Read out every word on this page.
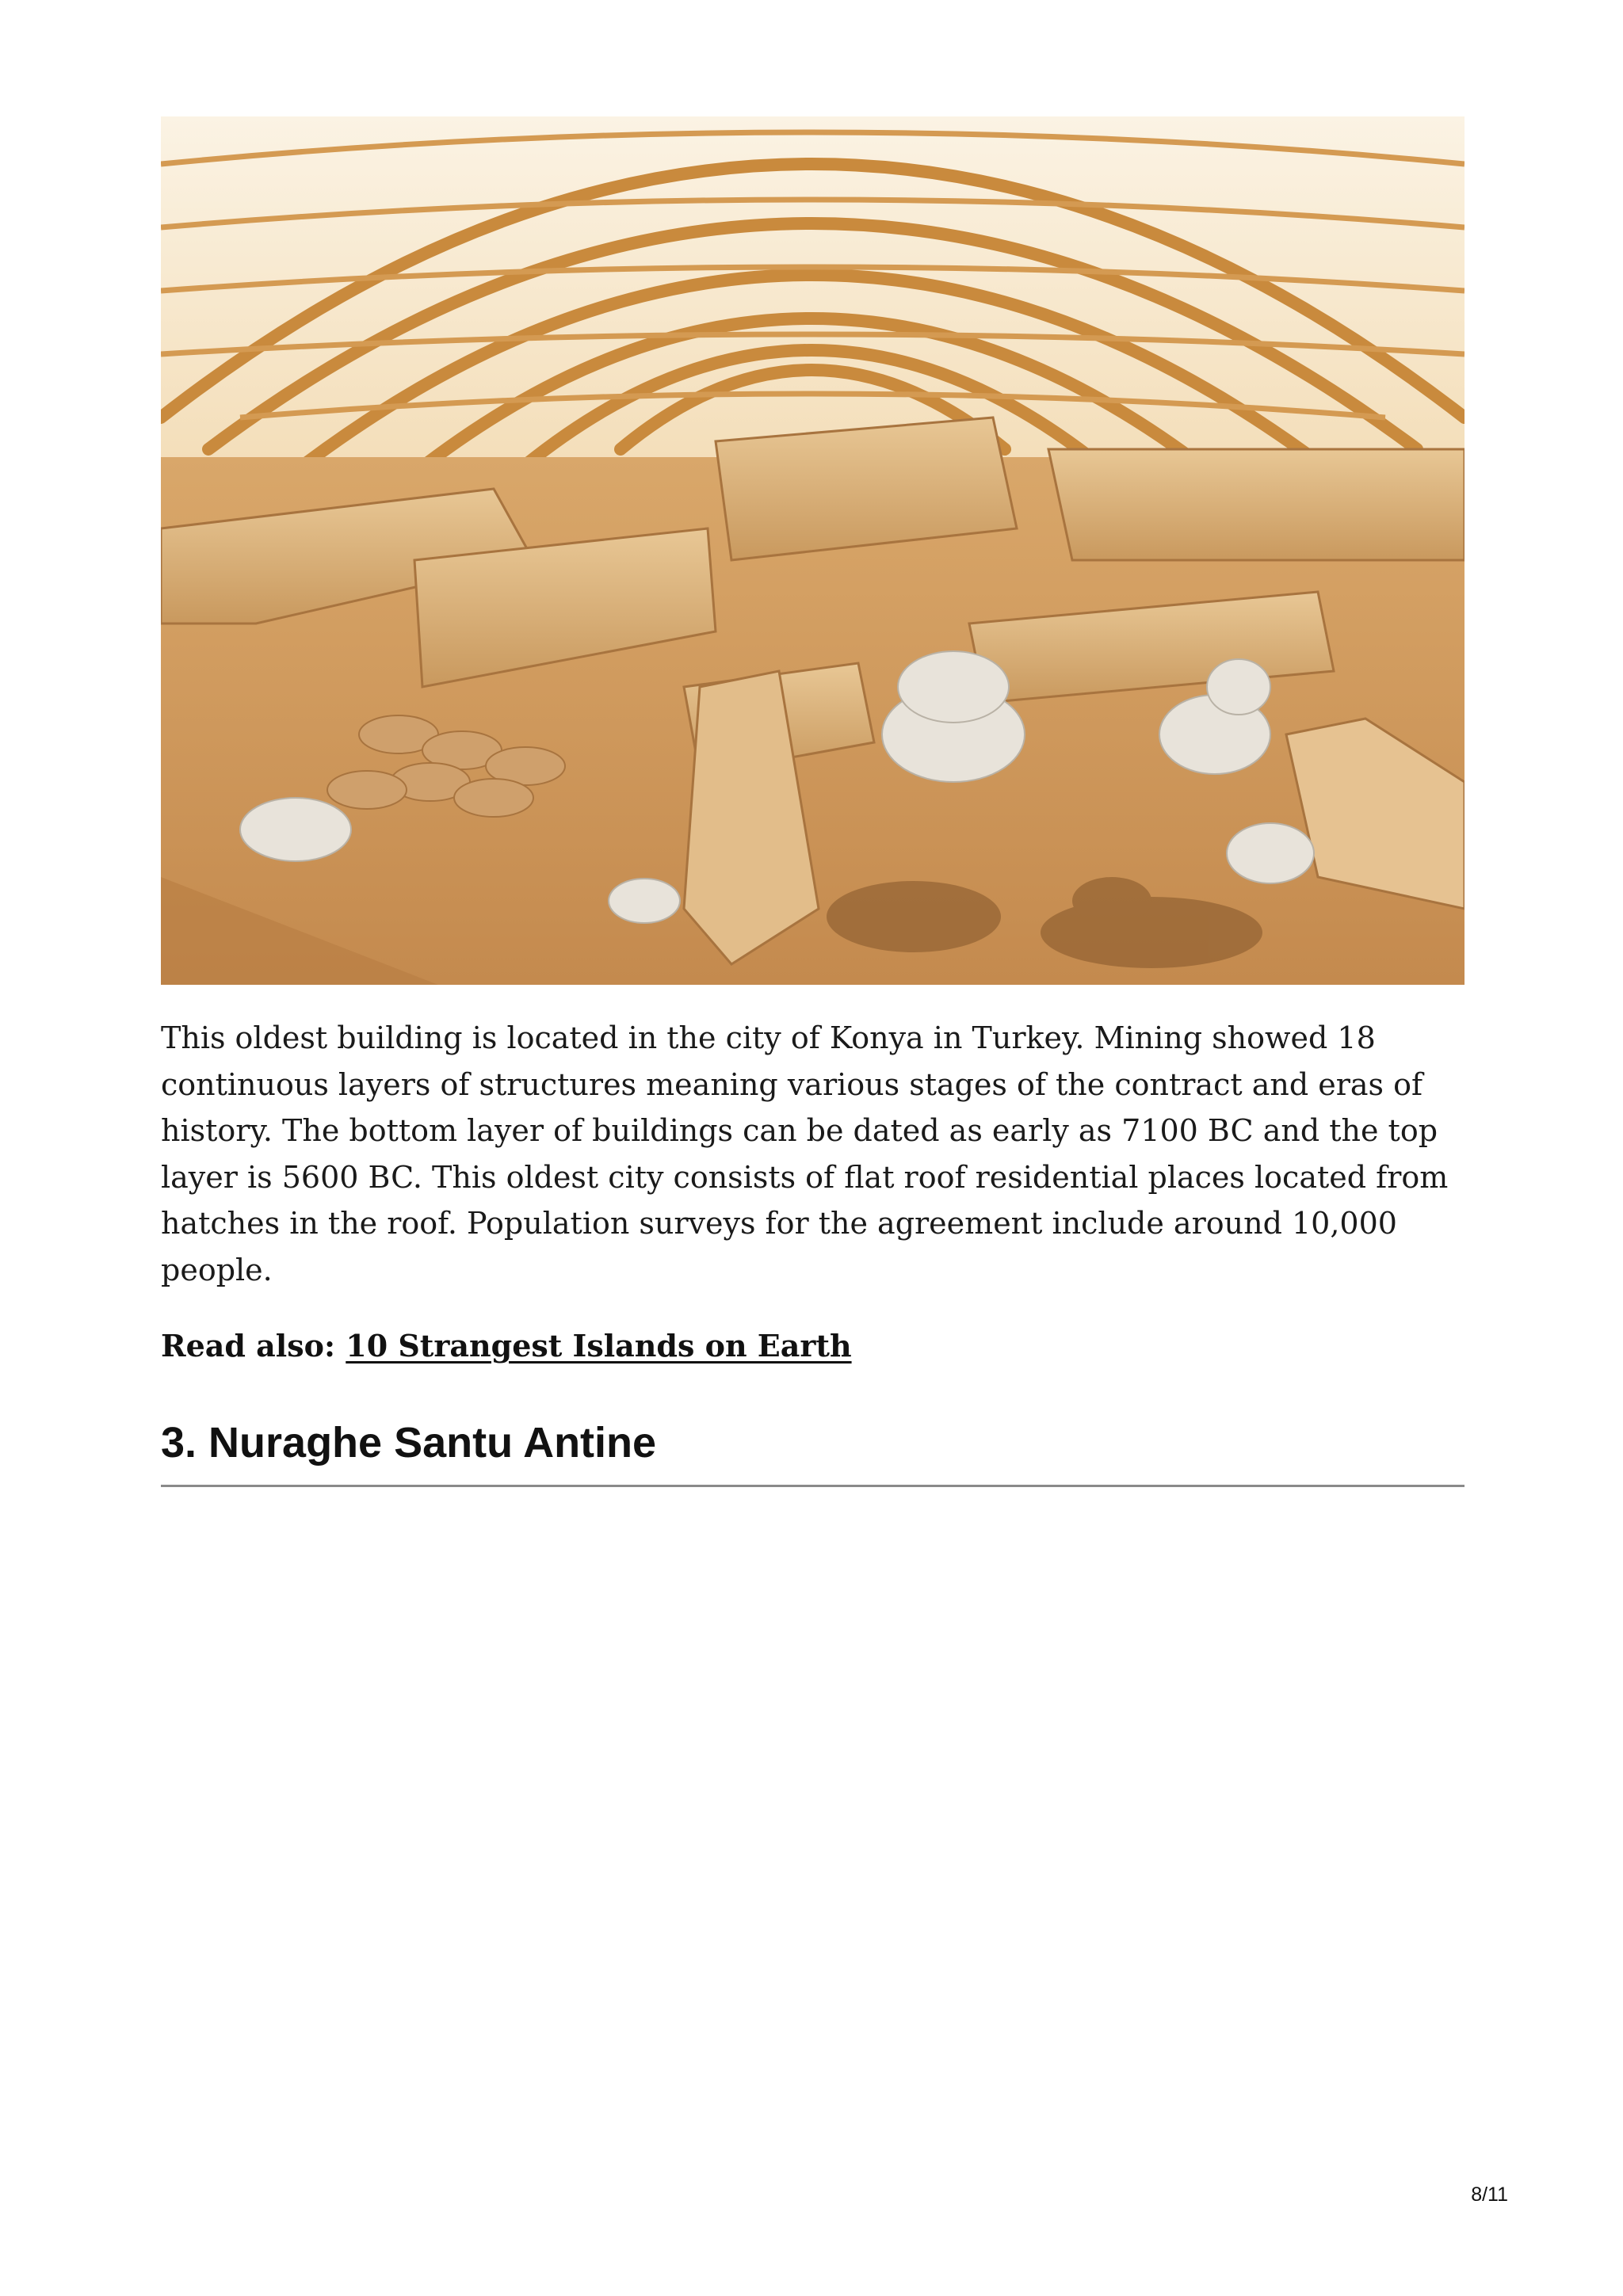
This oldest building is located in the city of Konya in Turkey. Mining showed 18 continuous layers of structures meaning various stages of the contract and eras of history. The bottom layer of buildings can be dated as early as 7100 BC and the top layer is 5600 BC. This oldest city consists of flat roof residential places located from hatches in the roof. Population surveys for the agreement include around 10,000 people.

Read also: 10 Strangest Islands on Earth

3. Nuraghe Santu Antine
8/11
